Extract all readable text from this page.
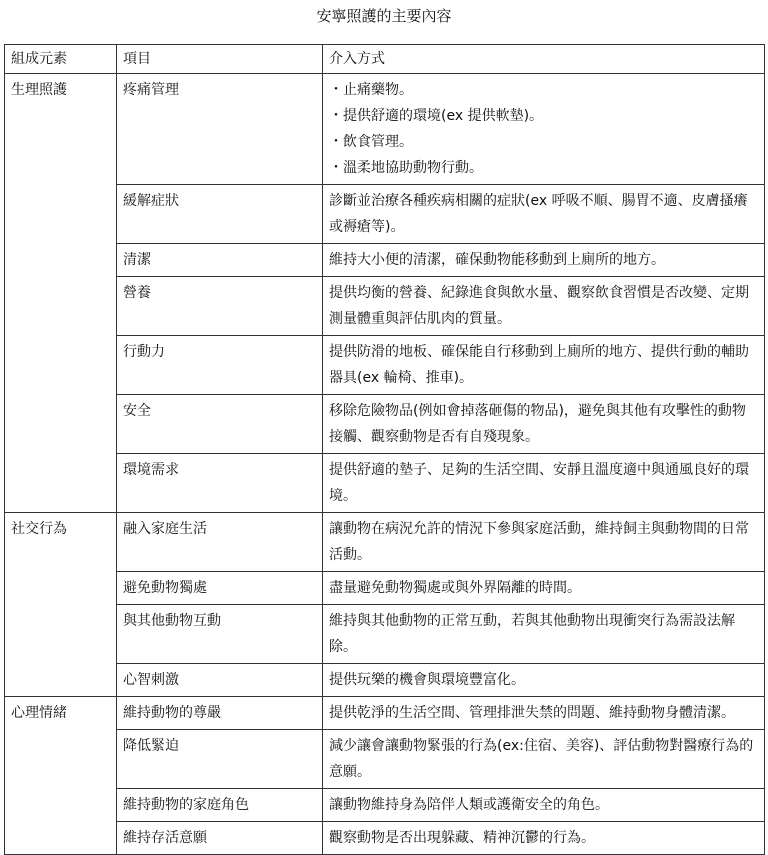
安寧照護的主要內容
組成元素	項目	介入方式
生理照護	疼痛管理	・ 止痛藥物。
・ 提供舒適的環境(ex 提供軟墊)。
・ 飲食管理。
・ 溫柔地協助動物行動。

	緩解症狀	診斷並治療各種疾病相關的症狀(ex 呼吸不順、腸胃不適、皮膚搔癢或褥瘡等)。
	清潔	維持大小便的清潔，確保動物能移動到上廁所的地方。
	營養	提供均衡的營養、紀錄進食與飲水量、觀察飲食習慣是否改變、定期測量體重與評估肌肉的質量。
	行動力	提供防滑的地板、確保能自行移動到上廁所的地方、提供行動的輔助器具(ex 輪椅、推車)。
	安全	移除危險物品(例如會掉落砸傷的物品)，避免與其他有攻擊性的動物接觸、觀察動物是否有自殘現象。
	環境需求	提供舒適的墊子、足夠的生活空間、安靜且溫度適中與通風良好的環境。
社交行為	融入家庭生活	讓動物在病況允許的情況下參與家庭活動，維持飼主與動物間的日常活動。
	避免動物獨處	盡量避免動物獨處或與外界隔離的時間。
	與其他動物互動	維持與其他動物的正常互動，若與其他動物出現衝突行為需設法解除。
	心智刺激	提供玩樂的機會與環境豐富化。
心理情緒	維持動物的尊嚴	提供乾淨的生活空間、管理排泄失禁的問題、維持動物身體清潔。
	降低緊迫	減少讓會讓動物緊張的行為(ex:住宿、美容)、評估動物對醫療行為的意願。
	維持動物的家庭角色	讓動物維持身為陪伴人類或護衛安全的角色。
	維持存活意願	觀察動物是否出現躲藏、精神沉鬱的行為。
